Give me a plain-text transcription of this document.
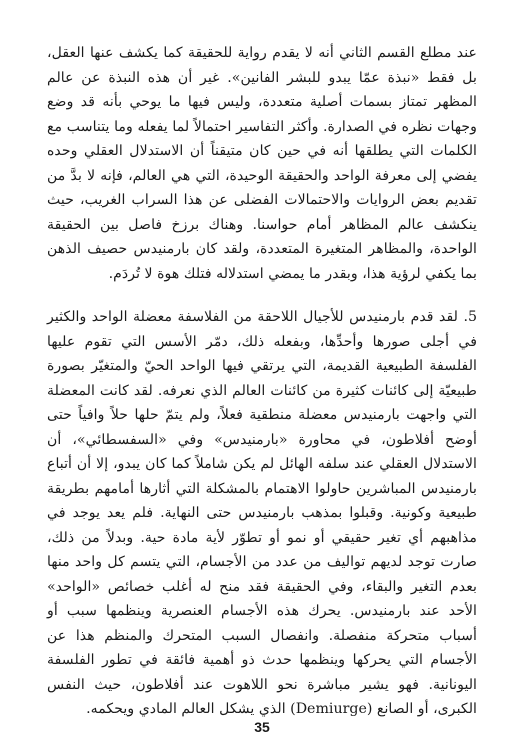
عند مطلع القسم الثاني أنه لا يقدم رواية للحقيقة كما يكشف عنها العقل، بل فقط «نبذة عمّا يبدو للبشر الفانين». غير أن هذه النبذة عن عالم المظهر تمتاز بسمات أصلية متعددة، وليس فيها ما يوحي بأنه قد وضع وجهات نظره في الصدارة. وأكثر التفاسير احتمالاً لما يفعله وما يتناسب مع الكلمات التي يطلقها أنه في حين كان متيقناً أن الاستدلال العقلي وحده يفضي إلى معرفة الواحد والحقيقة الوحيدة، التي هي العالم، فإنه لا بدَّ من تقديم بعض الروايات والاحتمالات الفضلى عن هذا السراب الغريب، حيث ينكشف عالم المظاهر أمام حواسنا. وهناك برزخ فاصل بين الحقيقة الواحدة، والمظاهر المتغيرة المتعددة، ولقد كان بارمنيدس حصيف الذهن بما يكفي لرؤية هذا، وبقدر ما يمضي استدلاله فتلك هوة لا تُردَم.

5. لقد قدم بارمنيدس للأجيال اللاحقة من الفلاسفة معضلة الواحد والكثير في أجلى صورها وأحدِّها، وبفعله ذلك، دمّر الأسس التي تقوم عليها الفلسفة الطبيعية القديمة، التي يرتقي فيها الواحد الحيّ والمتغيّر بصورة طبيعيّة إلى كائنات كثيرة من كائنات العالم الذي نعرفه. لقد كانت المعضلة التي واجهت بارمنيدس معضلة منطقية فعلاً، ولم يتمّ حلها حلاً وافياً حتى أوضح أفلاطون، في محاورة «بارمنيدس» وفي «السفسطائي»، أن الاستدلال العقلي عند سلفه الهائل لم يكن شاملاً كما كان يبدو، إلا أن أتباع بارمنيدس المباشرين حاولوا الاهتمام بالمشكلة التي أثارها أمامهم بطريقة طبيعية وكونية. وقبلوا بمذهب بارمنيدس حتى النهاية. فلم يعد يوجد في مذاهبهم أي تغير حقيقي أو نمو أو تطوّر لأية مادة حية. وبدلاً من ذلك، صارت توجد لديهم تواليف من عدد من الأجسام، التي يتسم كل واحد منها بعدم التغير والبقاء، وفي الحقيقة فقد منح له أغلب خصائص «الواحد» الأحد عند بارمنيدس. يحرك هذه الأجسام العنصرية وينظمها سبب أو أسباب متحركة منفصلة. وانفصال السبب المتحرك والمنظم هذا عن الأجسام التي يحركها وينظمها حدث ذو أهمية فائقة في تطور الفلسفة اليونانية. فهو يشير مباشرة نحو اللاهوت عند أفلاطون، حيث النفس الكبرى، أو الصانع (Demiurge) الذي يشكل العالم المادي ويحكمه.

35
